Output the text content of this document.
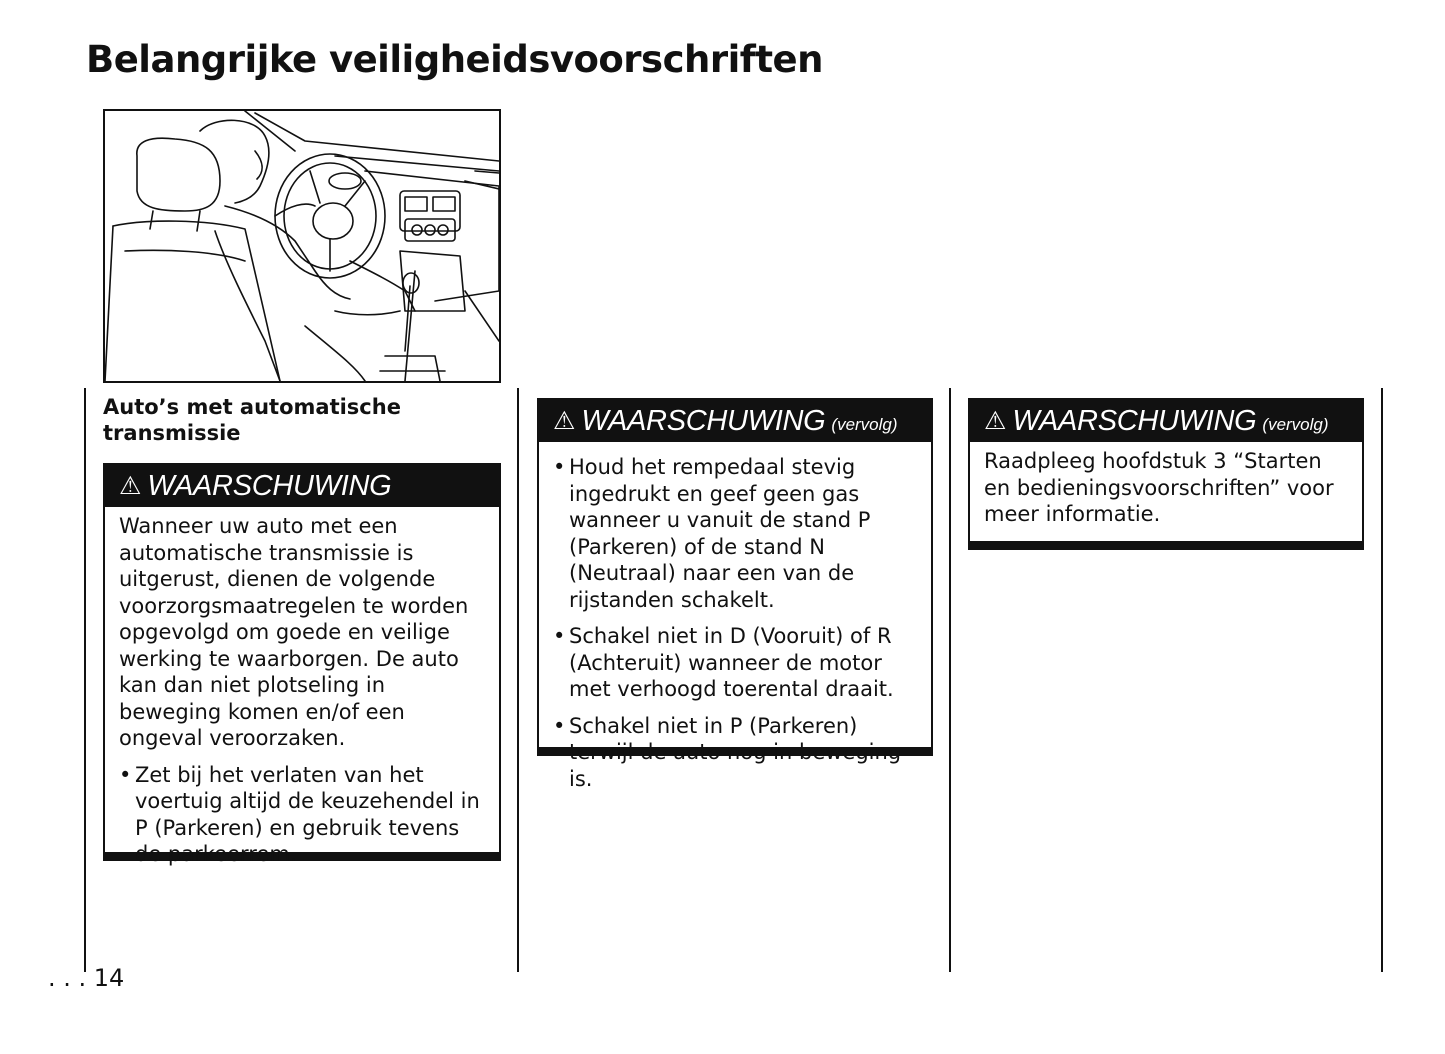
Belangrijke veiligheidsvoorschriften
Auto’s met automatische transmissie
⚠ WAARSCHUWING

Wanneer uw auto met een automatische transmissie is uitgerust, dienen de volgende voorzorgsmaatregelen te worden opgevolgd om goede en veilige werking te waarborgen. De auto kan dan niet plotseling in beweging komen en/of een ongeval veroorzaken.

• Zet bij het verlaten van het voertuig altijd de keuzehendel in P (Parkeren) en gebruik tevens de parkeerrem.
⚠ WAARSCHUWING (vervolg)
• Houd het rempedaal stevig ingedrukt en geef geen gas wanneer u vanuit de stand P (Parkeren) of de stand N (Neutraal) naar een van de rijstanden schakelt.
• Schakel niet in D (Vooruit) of R (Achteruit) wanneer de motor met verhoogd toerental draait.
• Schakel niet in P (Parkeren) terwijl de auto nog in beweging is.
⚠ WAARSCHUWING (vervolg)

Raadpleeg hoofdstuk 3 “Starten en bedieningsvoorschriften” voor meer informatie.

. . . 14
